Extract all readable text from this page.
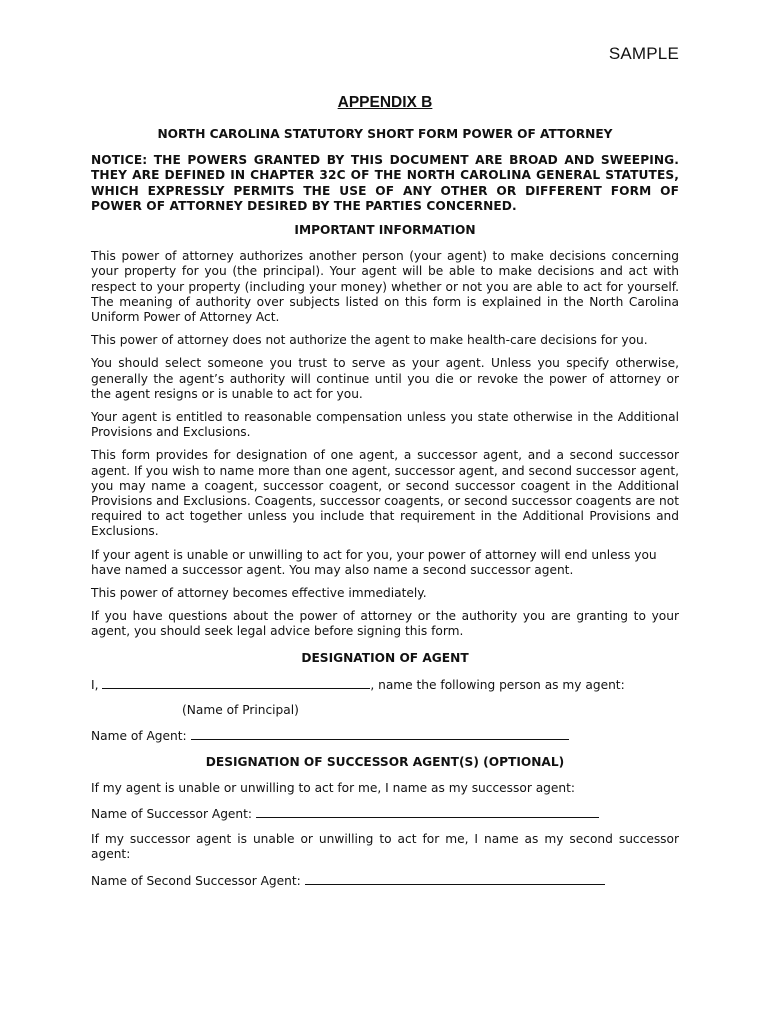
SAMPLE
APPENDIX B
NORTH CAROLINA STATUTORY SHORT FORM POWER OF ATTORNEY
NOTICE: THE POWERS GRANTED BY THIS DOCUMENT ARE BROAD AND SWEEPING. THEY ARE DEFINED IN CHAPTER 32C OF THE NORTH CAROLINA GENERAL STATUTES, WHICH EXPRESSLY PERMITS THE USE OF ANY OTHER OR DIFFERENT FORM OF POWER OF ATTORNEY DESIRED BY THE PARTIES CONCERNED.
IMPORTANT INFORMATION
This power of attorney authorizes another person (your agent) to make decisions concerning your property for you (the principal). Your agent will be able to make decisions and act with respect to your property (including your money) whether or not you are able to act for yourself. The meaning of authority over subjects listed on this form is explained in the North Carolina Uniform Power of Attorney Act.
This power of attorney does not authorize the agent to make health-care decisions for you.
You should select someone you trust to serve as your agent. Unless you specify otherwise, generally the agent’s authority will continue until you die or revoke the power of attorney or the agent resigns or is unable to act for you.
Your agent is entitled to reasonable compensation unless you state otherwise in the Additional Provisions and Exclusions.
This form provides for designation of one agent, a successor agent, and a second successor agent. If you wish to name more than one agent, successor agent, and second successor agent, you may name a coagent, successor coagent, or second successor coagent in the Additional Provisions and Exclusions. Coagents, successor coagents, or second successor coagents are not required to act together unless you include that requirement in the Additional Provisions and Exclusions.
If your agent is unable or unwilling to act for you, your power of attorney will end unless you have named a successor agent. You may also name a second successor agent.
This power of attorney becomes effective immediately.
If you have questions about the power of attorney or the authority you are granting to your agent, you should seek legal advice before signing this form.
DESIGNATION OF AGENT
I,	, name the following person as my agent:
(Name of Principal)
Name of Agent:
DESIGNATION OF SUCCESSOR AGENT(S) (OPTIONAL)
If my agent is unable or unwilling to act for me, I name as my successor agent:
Name of Successor Agent:
If my successor agent is unable or unwilling to act for me, I name as my second successor agent:
Name of Second Successor Agent:
